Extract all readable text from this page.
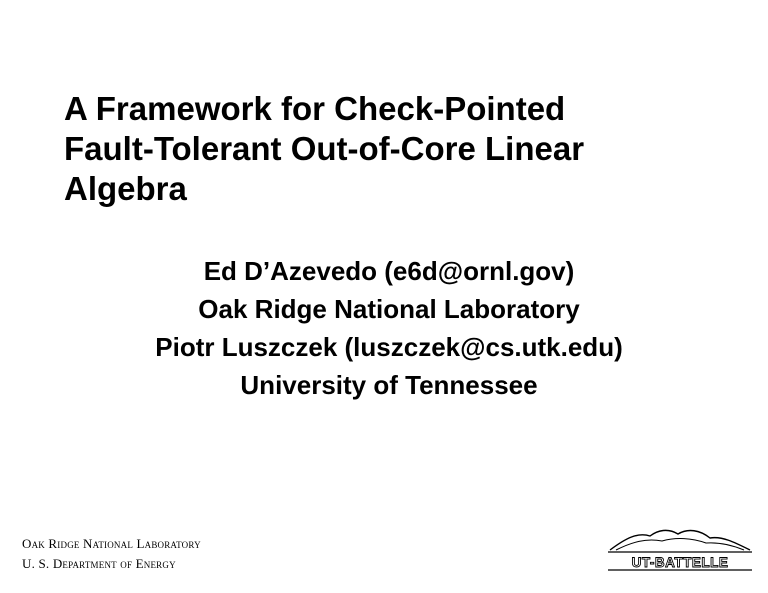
A Framework for Check-Pointed
Fault-Tolerant Out-of-Core Linear
Algebra
Ed D’Azevedo (e6d@ornl.gov)
Oak Ridge National Laboratory
Piotr Luszczek (luszczek@cs.utk.edu)
University of Tennessee
Oak Ridge National Laboratory
U. S. Department of Energy	UT-BATTELLE
